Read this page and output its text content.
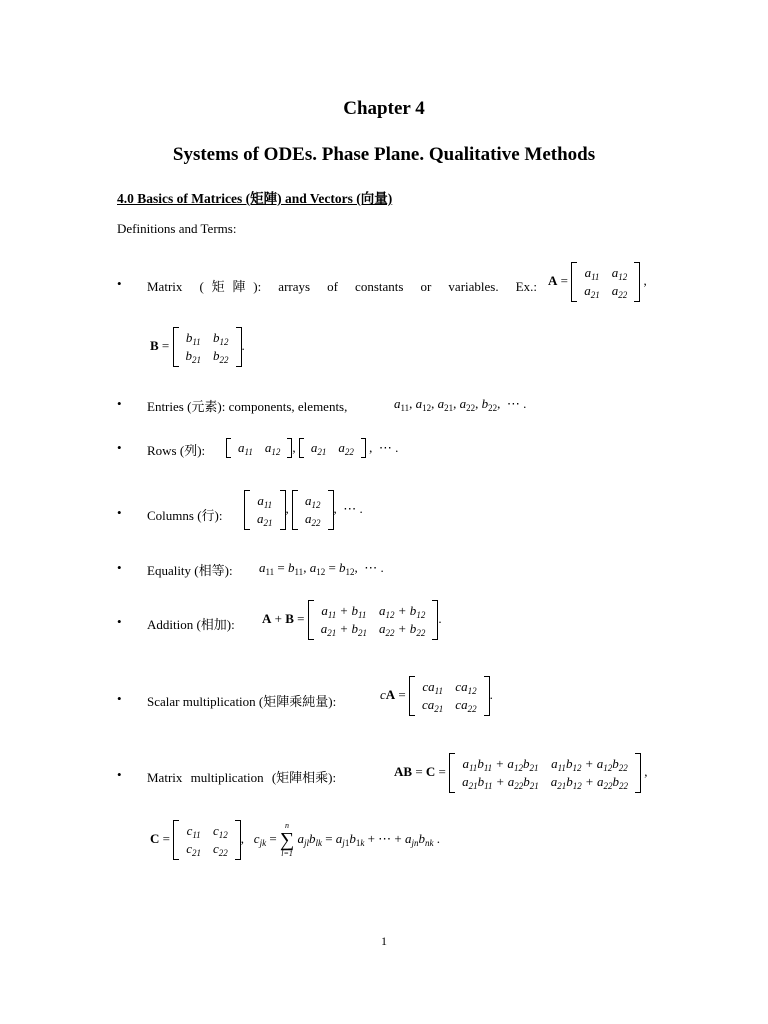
Chapter 4
Systems of ODEs. Phase Plane. Qualitative Methods
4.0 Basics of Matrices (矩陣) and Vectors (向量)
Definitions and Terms:
• Matrix (矩陣): arrays of constants or variables. Ex.: A =
$a_{11}$	$a_{12}$
$a_{21}$	$a_{22}$
,
B =
$b_{11}$	$b_{12}$
$b_{21}$	$b_{22}$
.
• Entries (元素): components, elements,	$a_{11}$, $a_{12}$, $a_{21}$, $a_{22}$, $b_{22}$,  ⋯ .
• Rows (列):	$a_{11}$ $a_{12}$ , $a_{21}$ $a_{22}$ ,  ⋯ .
• Columns (行):
$a_{11}$
$a_{21}$
,
$a_{12}$
$a_{22}$
,  ⋯ .
• Equality (相等): $a_{11} = b_{11}$, $a_{12} = b_{12}$,  ⋯ .
• Addition (相加): A + B =
$a_{11} + b_{11}$	$a_{12} + b_{12}$
$a_{21} + b_{21}$	$a_{22} + b_{22}$
.
• Scalar multiplication (矩陣乘純量):	cA =
$ca_{11}$	$ca_{12}$
$ca_{21}$	$ca_{22}$
.
• Matrix multiplication (矩陣相乘):	AB = C =
$a_{11}b_{11} + a_{12}b_{21}$	$a_{11}b_{12} + a_{12}b_{22}$
$a_{21}b_{11} + a_{22}b_{21}$	$a_{21}b_{12} + a_{22}b_{22}$
,
C =
$c_{11}$	$c_{12}$
$c_{21}$	$c_{22}$
,   $c_{jk}$ =
n
∑
l=1
$a_{jl}b_{lk} = a_{j1}b_{1k}$ + ⋯ + $a_{jn}b_{nk}$ .
1
